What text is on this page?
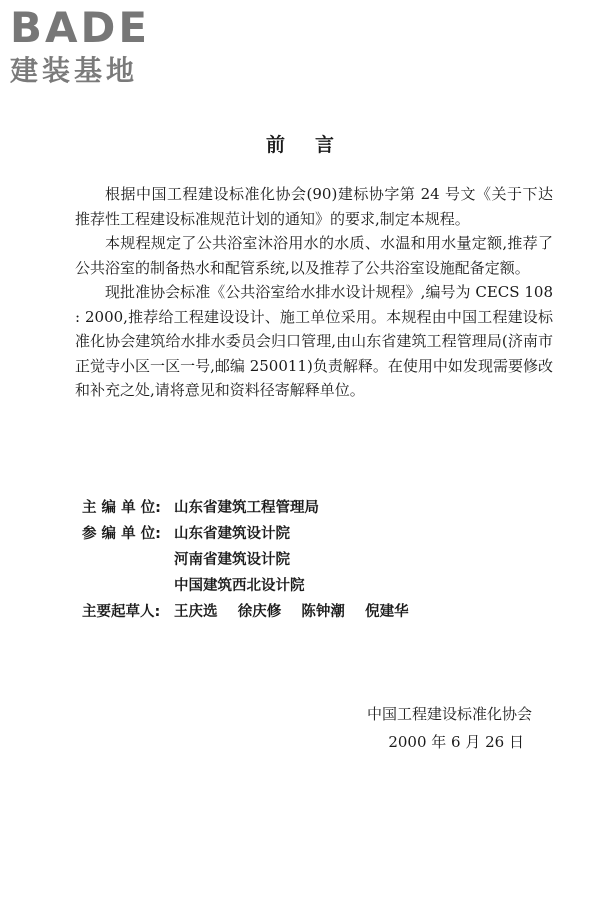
BADE
建装基地
前言

根据中国工程建设标准化协会(90)建标协字第 24 号文《关于下达推荐性工程建设标准规范计划的通知》的要求,制定本规程。

本规程规定了公共浴室沐浴用水的水质、水温和用水量定额,推荐了公共浴室的制备热水和配管系统,以及推荐了公共浴室设施配备定额。

现批准协会标准《公共浴室给水排水设计规程》,编号为 CECS 108 : 2000,推荐给工程建设设计、施工单位采用。本规程由中国工程建设标准化协会建筑给水排水委员会归口管理,由山东省建筑工程管理局(济南市正觉寺小区一区一号,邮编 250011)负责解释。在使用中如发现需要修改和补充之处,请将意见和资料径寄解释单位。

主 编 单 位: 山东省建筑工程管理局
参 编 单 位: 山东省建筑设计院
河南省建筑设计院
中国建筑西北设计院
主要起草人: 王庆选    徐庆修    陈钟潮    倪建华
中国工程建设标准化协会
2000 年 6 月 26 日
